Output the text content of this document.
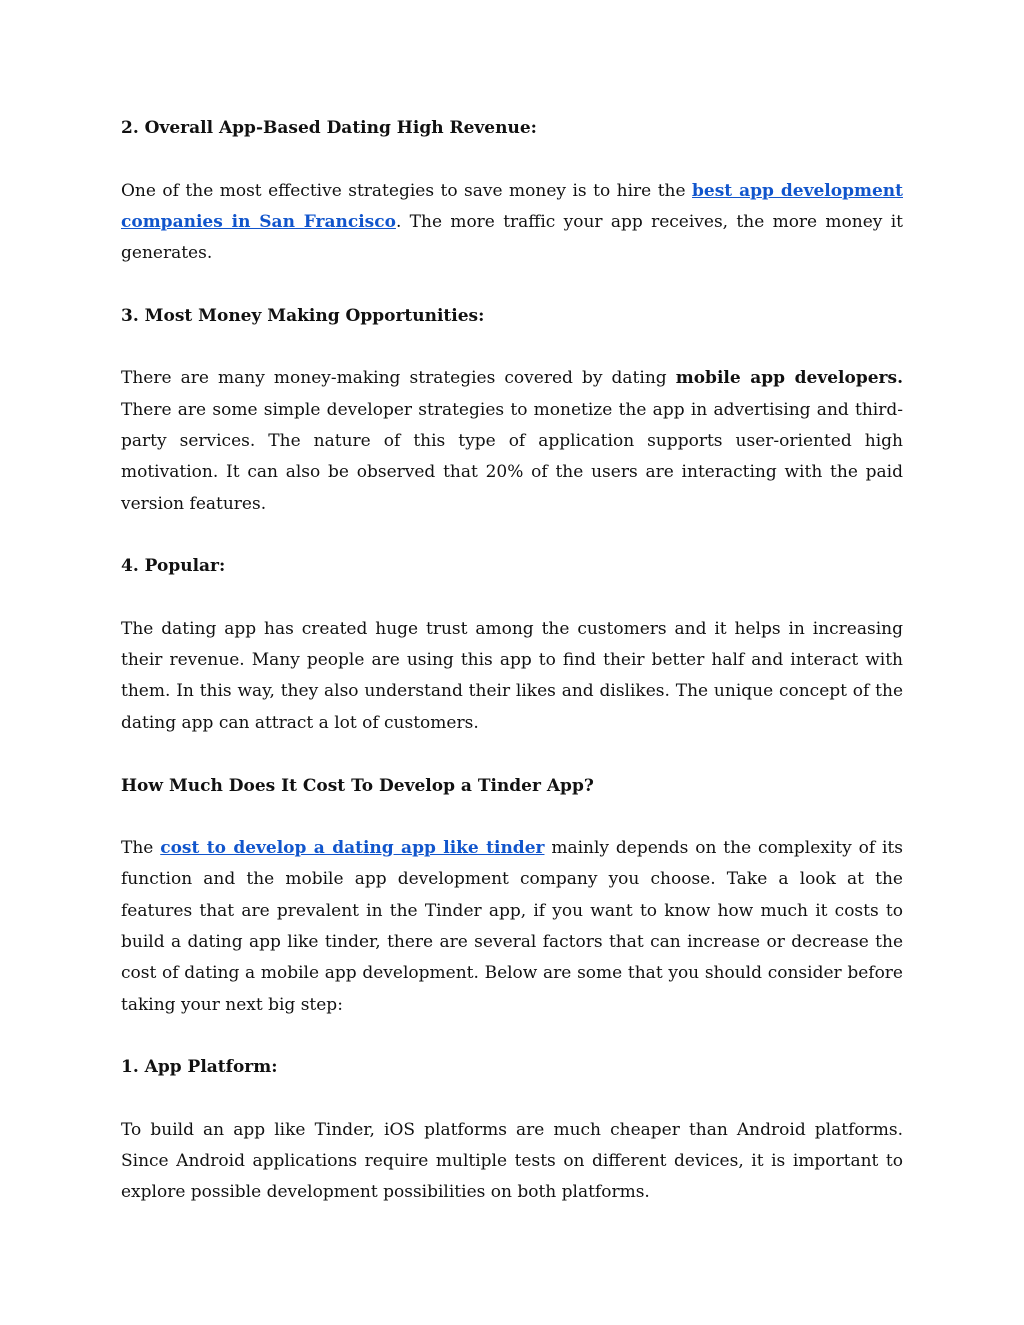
2. Overall App-Based Dating High Revenue:

One of the most effective strategies to save money is to hire the best app development companies in San Francisco. The more traffic your app receives, the more money it generates.

3. Most Money Making Opportunities:

There are many money-making strategies covered by dating mobile app developers. There are some simple developer strategies to monetize the app in advertising and third-party services. The nature of this type of application supports user-oriented high motivation. It can also be observed that 20% of the users are interacting with the paid version features.

4. Popular:

The dating app has created huge trust among the customers and it helps in increasing their revenue. Many people are using this app to find their better half and interact with them. In this way, they also understand their likes and dislikes. The unique concept of the dating app can attract a lot of customers.

How Much Does It Cost To Develop a Tinder App?

The cost to develop a dating app like tinder mainly depends on the complexity of its function and the mobile app development company you choose. Take a look at the features that are prevalent in the Tinder app, if you want to know how much it costs to build a dating app like tinder, there are several factors that can increase or decrease the cost of dating a mobile app development. Below are some that you should consider before taking your next big step:

1. App Platform:

To build an app like Tinder, iOS platforms are much cheaper than Android platforms. Since Android applications require multiple tests on different devices, it is important to explore possible development possibilities on both platforms.
